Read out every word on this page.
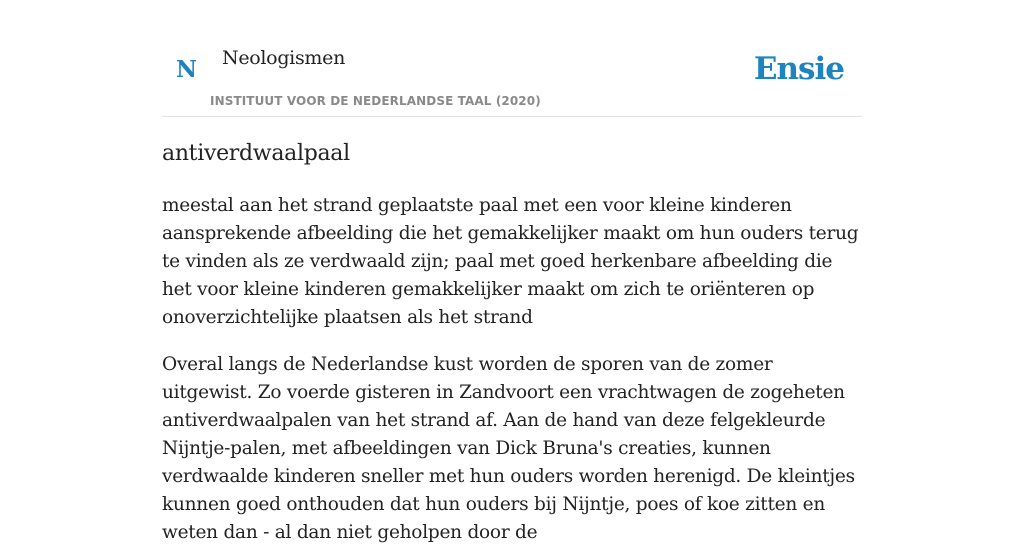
N Neologismen
INSTITUUT VOOR DE NEDERLANDSE TAAL (2020)
Ensie
antiverdwaalpaal

meestal aan het strand geplaatste paal met een voor kleine kinderen aansprekende afbeelding die het gemakkelijker maakt om hun ouders terug te vinden als ze verdwaald zijn; paal met goed herkenbare afbeelding die het voor kleine kinderen gemakkelijker maakt om zich te oriënteren op onoverzichtelijke plaatsen als het strand

Overal langs de Nederlandse kust worden de sporen van de zomer uitgewist. Zo voerde gisteren in Zandvoort een vrachtwagen de zogeheten antiverdwaalpalen van het strand af. Aan de hand van deze felgekleurde Nijntje-palen, met afbeeldingen van Dick Bruna's creaties, kunnen verdwaalde kinderen sneller met hun ouders worden herenigd. De kleintjes kunnen goed onthouden dat hun ouders bij Nijntje, poes of koe zitten en weten dan - al dan niet geholpen door de
